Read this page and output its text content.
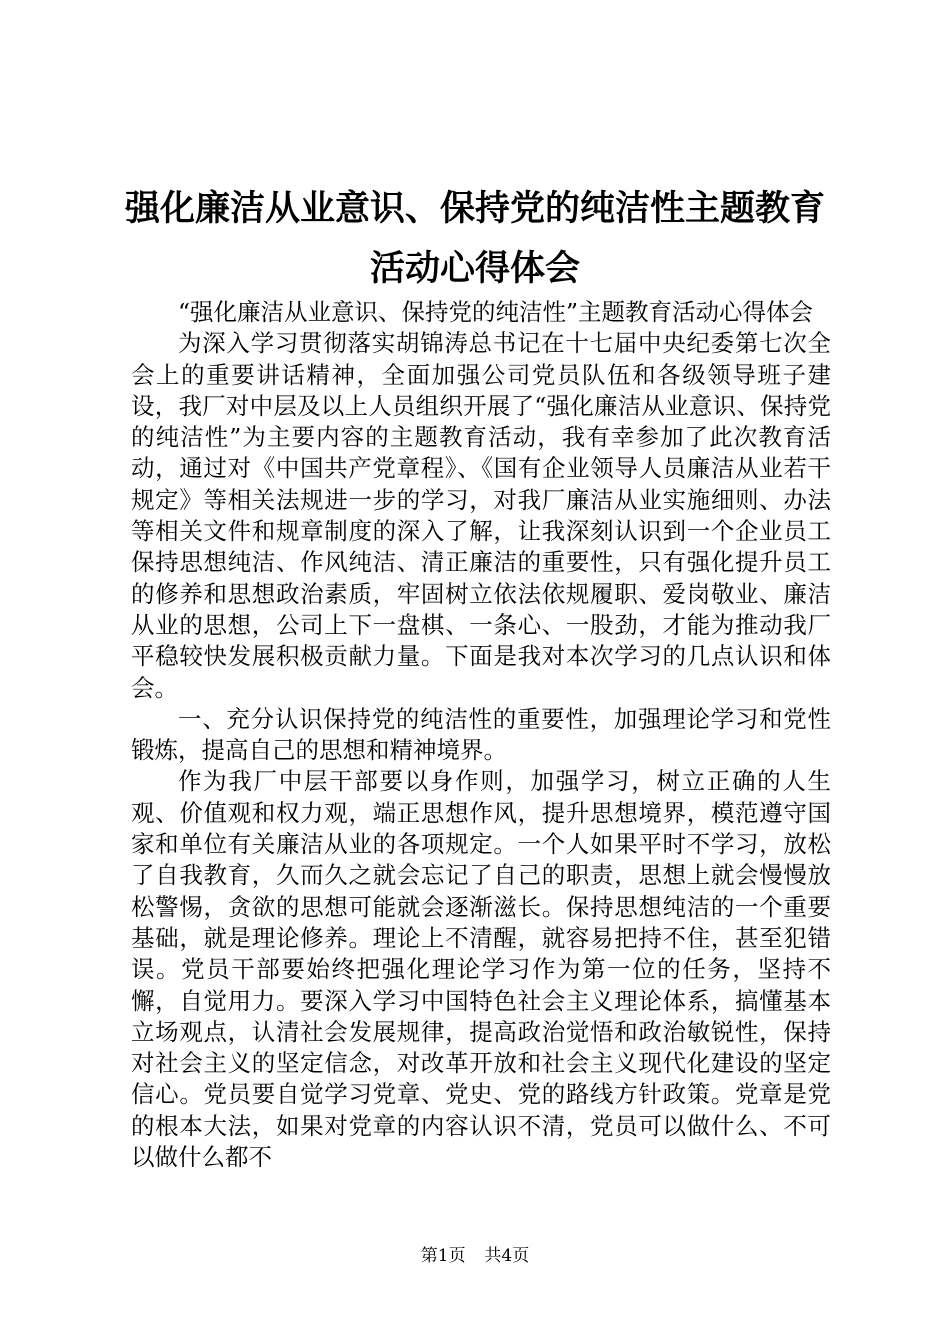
强化廉洁从业意识、保持党的纯洁性主题教育
活动心得体会

“强化廉洁从业意识、保持党的纯洁性”主题教育活动心得体会

为深入学习贯彻落实胡锦涛总书记在十七届中央纪委第七次全会上的重要讲话精神，全面加强公司党员队伍和各级领导班子建设，我厂对中层及以上人员组织开展了“强化廉洁从业意识、保持党的纯洁性”为主要内容的主题教育活动，我有幸参加了此次教育活动，通过对《中国共产党章程》、《国有企业领导人员廉洁从业若干规定》等相关法规进一步的学习，对我厂廉洁从业实施细则、办法等相关文件和规章制度的深入了解，让我深刻认识到一个企业员工保持思想纯洁、作风纯洁、清正廉洁的重要性，只有强化提升员工的修养和思想政治素质，牢固树立依法依规履职、爱岗敬业、廉洁从业的思想，公司上下一盘棋、一条心、一股劲，才能为推动我厂平稳较快发展积极贡献力量。下面是我对本次学习的几点认识和体会。

一、充分认识保持党的纯洁性的重要性，加强理论学习和党性锻炼，提高自己的思想和精神境界。

作为我厂中层干部要以身作则，加强学习，树立正确的人生观、价值观和权力观，端正思想作风，提升思想境界，模范遵守国家和单位有关廉洁从业的各项规定。一个人如果平时不学习，放松了自我教育，久而久之就会忘记了自己的职责，思想上就会慢慢放松警惕，贪欲的思想可能就会逐渐滋长。保持思想纯洁的一个重要基础，就是理论修养。理论上不清醒，就容易把持不住，甚至犯错误。党员干部要始终把强化理论学习作为第一位的任务，坚持不懈，自觉用力。要深入学习中国特色社会主义理论体系，搞懂基本立场观点，认清社会发展规律，提高政治觉悟和政治敏锐性，保持对社会主义的坚定信念，对改革开放和社会主义现代化建设的坚定信心。党员要自觉学习党章、党史、党的路线方针政策。党章是党的根本大法，如果对党章的内容认识不清，党员可以做什么、不可以做什么都不

第1页 共4页
